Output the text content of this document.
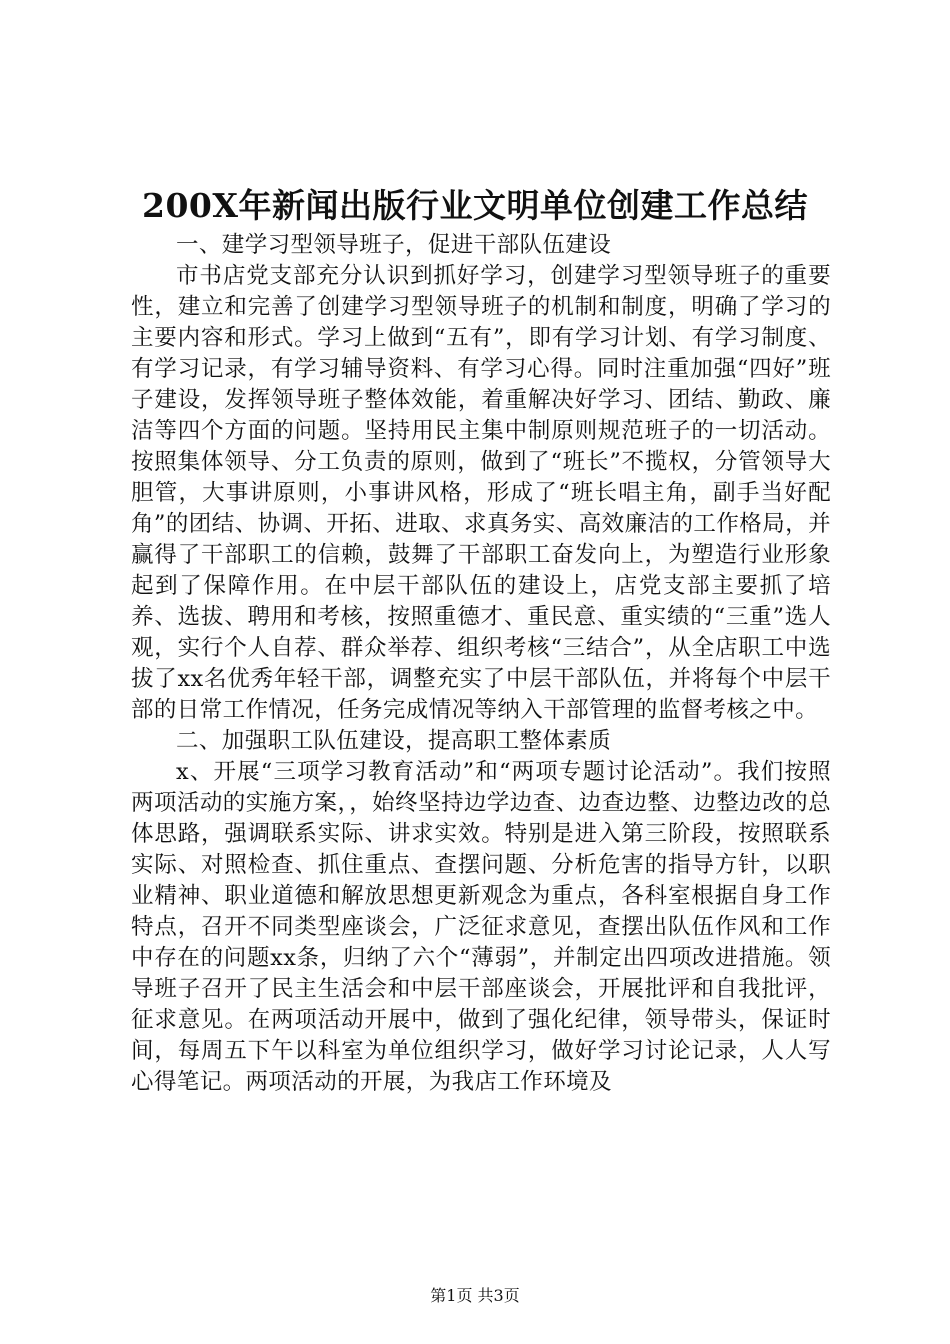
200X年新闻出版行业文明单位创建工作总结

一、建学习型领导班子，促进干部队伍建设

市书店党支部充分认识到抓好学习，创建学习型领导班子的重要性，建立和完善了创建学习型领导班子的机制和制度，明确了学习的主要内容和形式。学习上做到“五有”，即有学习计划、有学习制度、有学习记录，有学习辅导资料、有学习心得。同时注重加强“四好”班子建设，发挥领导班子整体效能，着重解决好学习、团结、勤政、廉洁等四个方面的问题。坚持用民主集中制原则规范班子的一切活动。按照集体领导、分工负责的原则，做到了“班长”不揽权，分管领导大胆管，大事讲原则，小事讲风格，形成了“班长唱主角，副手当好配角”的团结、协调、开拓、进取、求真务实、高效廉洁的工作格局，并赢得了干部职工的信赖，鼓舞了干部职工奋发向上，为塑造行业形象起到了保障作用。在中层干部队伍的建设上，店党支部主要抓了培养、选拔、聘用和考核，按照重德才、重民意、重实绩的“三重”选人观，实行个人自荐、群众举荐、组织考核“三结合”，从全店职工中选拔了xx名优秀年轻干部，调整充实了中层干部队伍，并将每个中层干部的日常工作情况，任务完成情况等纳入干部管理的监督考核之中。

二、加强职工队伍建设，提高职工整体素质

x、开展“三项学习教育活动”和“两项专题讨论活动”。我们按照两项活动的实施方案，，始终坚持边学边查、边查边整、边整边改的总体思路，强调联系实际、讲求实效。特别是进入第三阶段，按照联系实际、对照检查、抓住重点、查摆问题、分析危害的指导方针，以职业精神、职业道德和解放思想更新观念为重点，各科室根据自身工作特点，召开不同类型座谈会，广泛征求意见，查摆出队伍作风和工作中存在的问题xx条，归纳了六个“薄弱”，并制定出四项改进措施。领导班子召开了民主生活会和中层干部座谈会，开展批评和自我批评，征求意见。在两项活动开展中，做到了强化纪律，领导带头，保证时间，每周五下午以科室为单位组织学习，做好学习讨论记录，人人写心得笔记。两项活动的开展，为我店工作环境及

第1页 共3页
